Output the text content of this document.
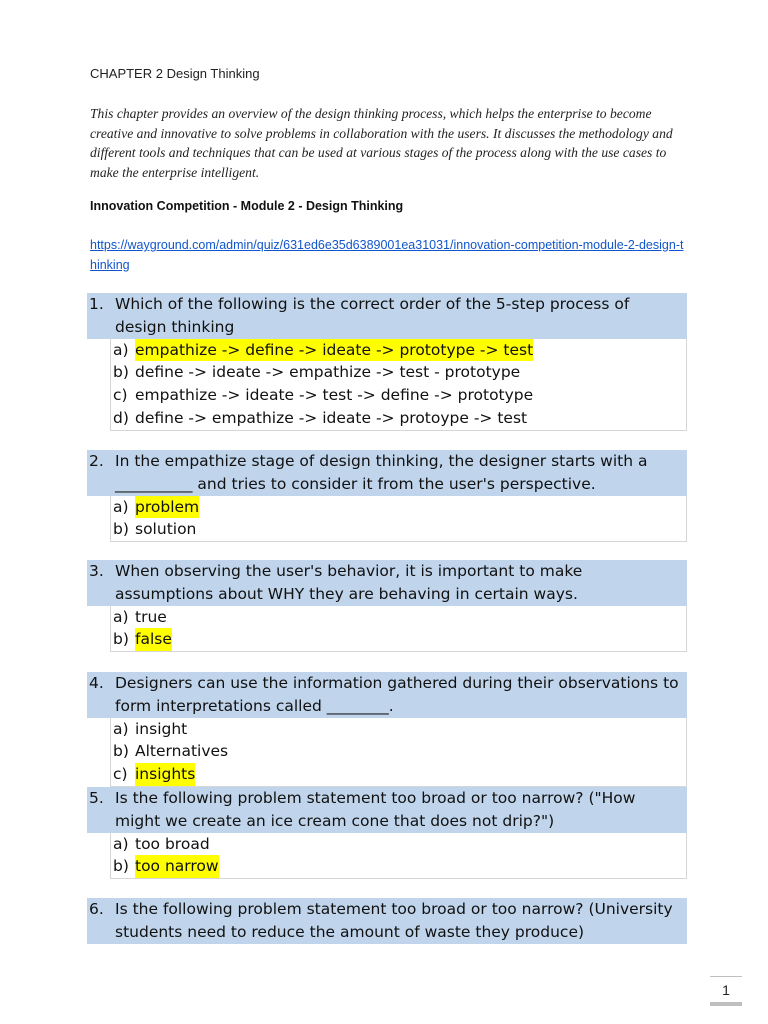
CHAPTER 2 Design Thinking
This chapter provides an overview of the design thinking process, which helps the enterprise to become creative and innovative to solve problems in collaboration with the users. It discusses the methodology and different tools and techniques that can be used at various stages of the process along with the use cases to make the enterprise intelligent.
Innovation Competition - Module 2 - Design Thinking
https://wayground.com/admin/quiz/631ed6e35d6389001ea31031/innovation-competition-module-2-design-thinking
1. Which of the following is the correct order of the 5-step process of design thinking
a) empathize -> define -> ideate -> prototype -> test
b) define -> ideate -> empathize -> test - prototype
c) empathize -> ideate -> test -> define -> prototype
d) define -> empathize -> ideate -> protoype -> test
2. In the empathize stage of design thinking, the designer starts with a __________ and tries to consider it from the user's perspective.
a) problem
b) solution
3. When observing the user's behavior, it is important to make assumptions about WHY they are behaving in certain ways.
a) true
b) false
4. Designers can use the information gathered during their observations to form interpretations called ________.
a) insight
b) Alternatives
c) insights
5. Is the following problem statement too broad or too narrow? ("How might we create an ice cream cone that does not drip?")
a) too broad
b) too narrow
6. Is the following problem statement too broad or too narrow? (University students need to reduce the amount of waste they produce)
1
